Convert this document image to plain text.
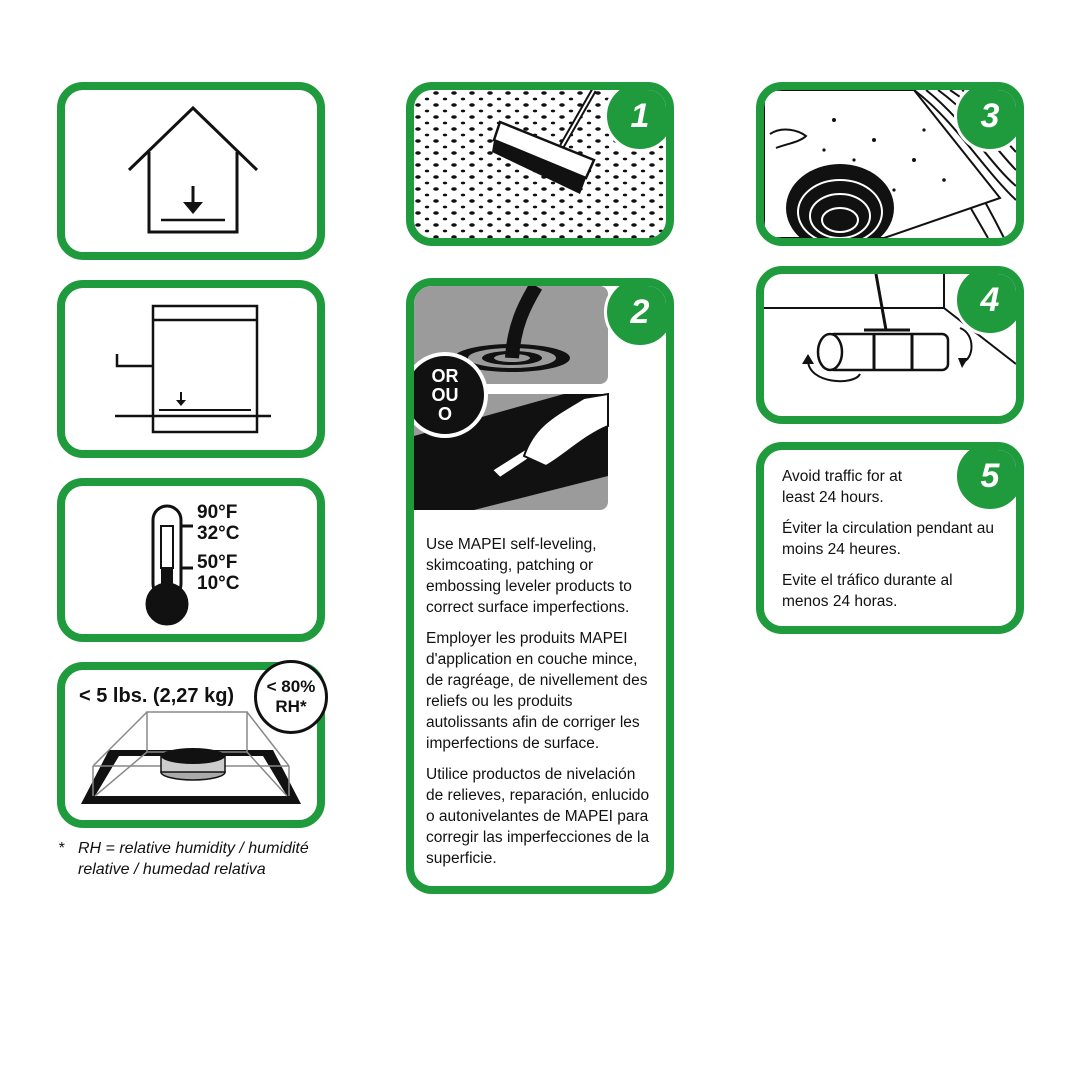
90°F
32°C
50°F
10°C
< 5 lbs. (2,27 kg) < 80%
RH*
* RH = relative humidity / humidité
relative / humedad relativa
1
OR
OU
O
2

Use MAPEI self-leveling, skimcoating, patching or embossing leveler products to correct surface imperfections.

Employer les produits MAPEI d'application en couche mince, de ragréage, de nivellement des reliefs ou les produits autolissants afin de corriger les imperfections de surface.

Utilice productos de nivelación de relieves, reparación, enlucido o autonivelantes de MAPEI para corregir las imperfecciones de la superficie.

3
4

Avoid traffic for at least 24 hours.

Éviter la circulation pendant au moins 24 heures.

Evite el tráfico durante al menos 24 horas.

5
